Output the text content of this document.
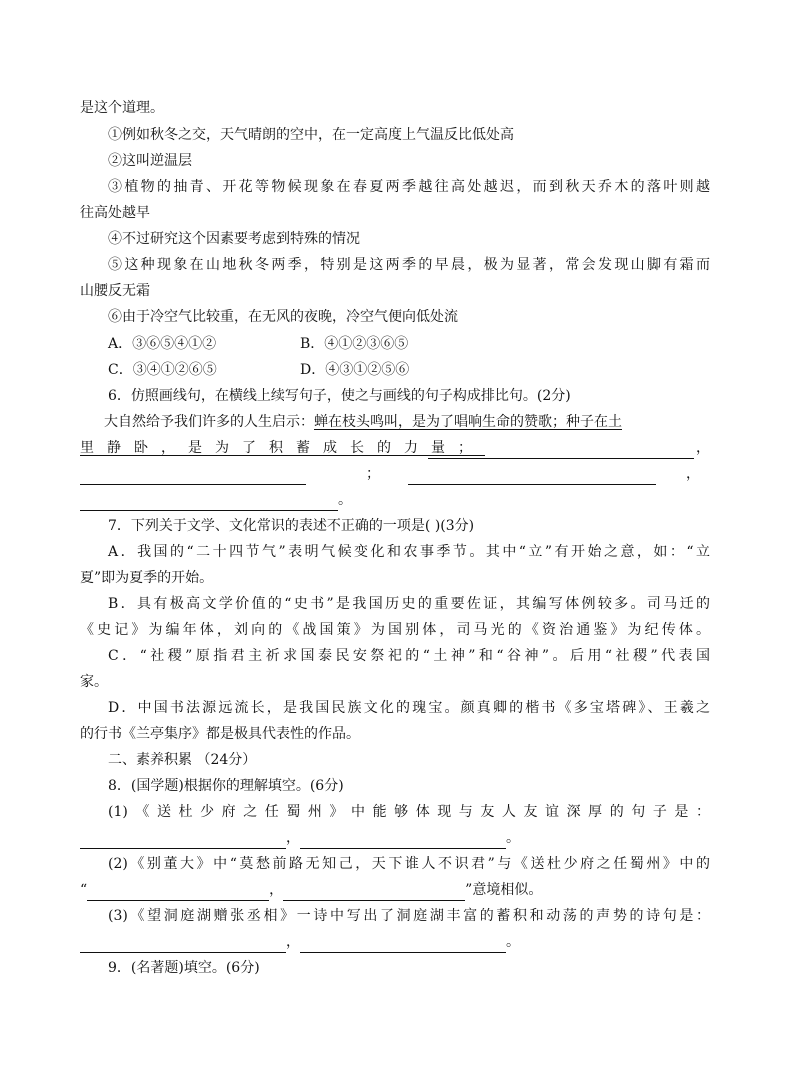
是这个道理。
①例如秋冬之交，天气晴朗的空中，在一定高度上气温反比低处高
②这叫逆温层
③植物的抽青、开花等物候现象在春夏两季越往高处越迟，而到秋天乔木的落叶则越
往高处越早
④不过研究这个因素要考虑到特殊的情况
⑤这种现象在山地秋冬两季，特别是这两季的早晨，极为显著，常会发现山脚有霜而
山腰反无霜
⑥由于冷空气比较重，在无风的夜晚，冷空气便向低处流
A．③⑥⑤④①②	B．④①②③⑥⑤
C．③④①②⑥⑤	D．④③①②⑤⑥
6．仿照画线句，在横线上续写句子，使之与画线的句子构成排比句。(2分)
大自然给予我们许多的人生启示：蝉在枝头鸣叫，是为了唱响生命的赞歌；种子在土
里静卧，是为了积蓄成长的力量；	，
；	，
。
7．下列关于文学、文化常识的表述不正确的一项是( )(3分)
A．我国的“二十四节气”表明气候变化和农事季节。其中“立”有开始之意，如：“立
夏”即为夏季的开始。
B．具有极高文学价值的“史书”是我国历史的重要佐证，其编写体例较多。司马迁的
《史记》为编年体，刘向的《战国策》为国别体，司马光的《资治通鉴》为纪传体。
C．“社稷”原指君主祈求国泰民安祭祀的“土神”和“谷神”。后用“社稷”代表国
家。
D．中国书法源远流长，是我国民族文化的瑰宝。颜真卿的楷书《多宝塔碑》、王羲之
的行书《兰亭集序》都是极具代表性的作品。
二、素养积累 （24分）
8．(国学题)根据你的理解填空。(6分)
(1)《送杜少府之任蜀州》中能够体现与友人友谊深厚的句子是：
，	。
(2)《别董大》中“莫愁前路无知己，天下谁人不识君”与《送杜少府之任蜀州》中的
“	，	”意境相似。
(3)《望洞庭湖赠张丞相》一诗中写出了洞庭湖丰富的蓄积和动荡的声势的诗句是：
，	。
9．(名著题)填空。(6分)
